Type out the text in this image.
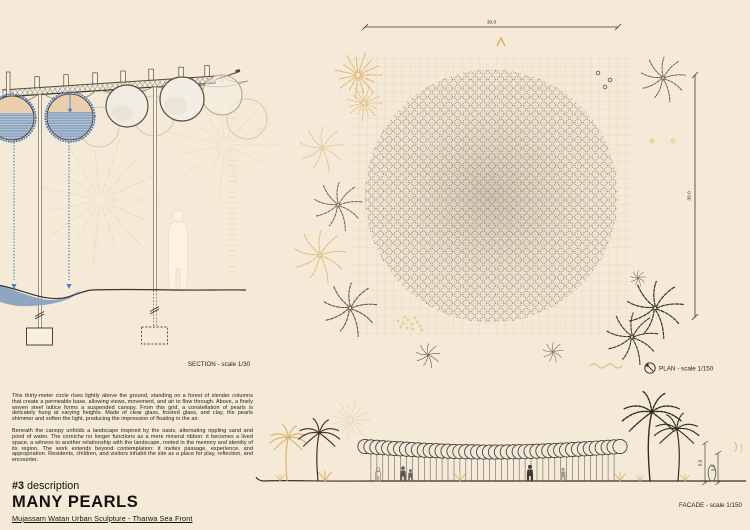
SECTION - scale 1/30
30.0
30.0
PLAN - scale 1/150
5.0
3.0
FACADE - scale 1/150

This thirty-meter circle rises lightly above the ground, standing on a forest of slender columns that create a permeable base, allowing views, movement, and air to flow through. Above, a finely woven steel lattice forms a suspended canopy. From this grid, a constellation of pearls is delicately hung at varying heights. Made of clear glass, frosted glass, and clay, the pearls shimmer and soften the light, producing the impression of floating in the air.

Beneath the canopy unfolds a landscape inspired by the oasis, alternating rippling sand and pond of water. The corniche no longer functions as a mere mineral ribbon: it becomes a lived space, a witness to another relationship with the landscape, rooted in the memory and identity of its region. The work extends beyond contemplation: it invites passage, experience, and appropriation. Residents, children, and visitors inhabit the site as a place for play, reflection, and encounter.

#3 description
MANY PEARLS
Mujassam Watan Urban Sculpture - Tharwa Sea Front
